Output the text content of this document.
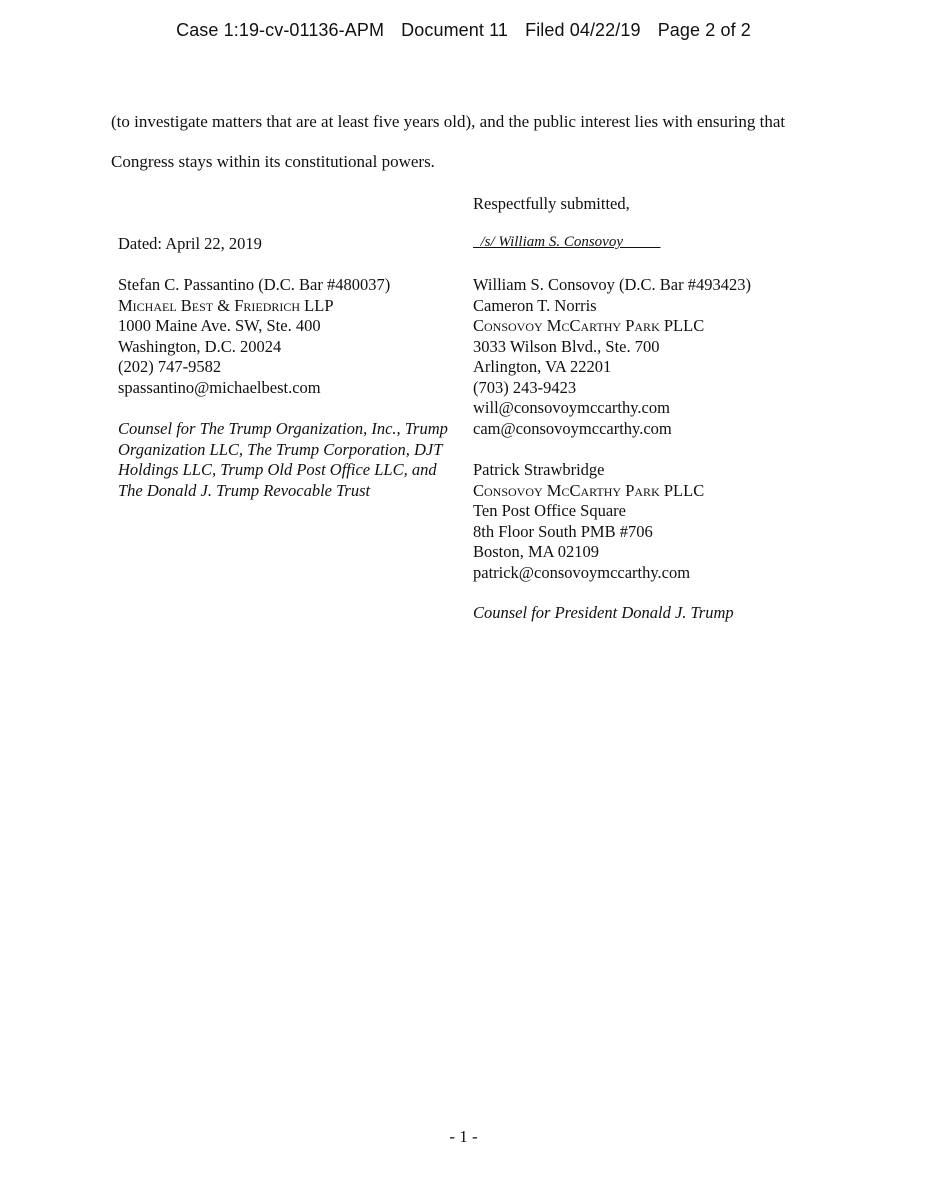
Case 1:19-cv-01136-APM Document 11 Filed 04/22/19 Page 2 of 2
(to investigate matters that are at least five years old), and the public interest lies with ensuring that
Congress stays within its constitutional powers.
Respectfully submitted,
/s/ William S. Consovoy
Dated: April 22, 2019
Stefan C. Passantino (D.C. Bar #480037)
Michael Best & Friedrich LLP
1000 Maine Ave. SW, Ste. 400
Washington, D.C. 20024
(202) 747-9582
spassantino@michaelbest.com
Counsel for The Trump Organization, Inc., Trump
Organization LLC, The Trump Corporation, DJT
Holdings LLC, Trump Old Post Office LLC, and
The Donald J. Trump Revocable Trust
William S. Consovoy (D.C. Bar #493423)
Cameron T. Norris
Consovoy McCarthy Park PLLC
3033 Wilson Blvd., Ste. 700
Arlington, VA 22201
(703) 243-9423
will@consovoymccarthy.com
cam@consovoymccarthy.com
Patrick Strawbridge
Consovoy McCarthy Park PLLC
Ten Post Office Square
8th Floor South PMB #706
Boston, MA 02109
patrick@consovoymccarthy.com
Counsel for President Donald J. Trump
- 1 -
